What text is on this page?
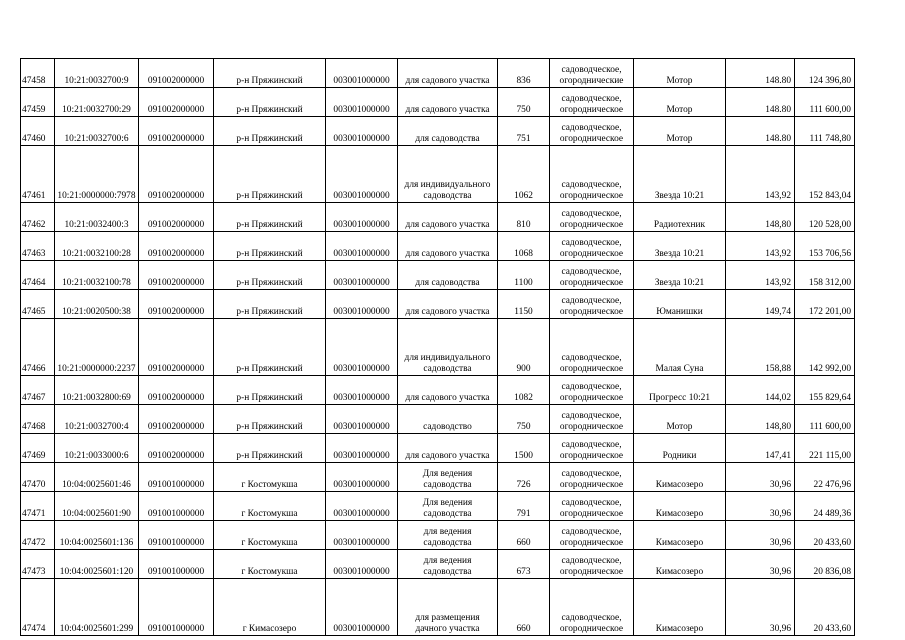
47458	10:21:0032700:9	091002000000	р-н Пряжинский	003001000000	для садового участка	836	садоводческое, огороднические	Мотор	148.80	124 396,80
47459	10:21:0032700:29	091002000000	р-н Пряжинский	003001000000	для садового участка	750	садоводческое, огородническое	Мотор	148.80	111 600,00
47460	10:21:0032700:6	091002000000	р-н Пряжинский	003001000000	для садоводства	751	садоводческое, огородническое	Мотор	148.80	111 748,80
47461	10:21:0000000:7978	091002000000	р-н Пряжинский	003001000000	для индивидуального садоводства	1062	садоводческое, огородническое	Звезда 10:21	143,92	152 843,04
47462	10:21:0032400:3	091002000000	р-н Пряжинский	003001000000	для садового участка	810	садоводческое, огородническое	Радиотехник	148,80	120 528,00
47463	10:21:0032100:28	091002000000	р-н Пряжинский	003001000000	для садового участка	1068	садоводческое, огородническое	Звезда 10:21	143,92	153 706,56
47464	10:21:0032100:78	091002000000	р-н Пряжинский	003001000000	для садоводства	1100	садоводческое, огородническое	Звезда 10:21	143,92	158 312,00
47465	10:21:0020500:38	091002000000	р-н Пряжинский	003001000000	для садового участка	1150	садоводческое, огородническое	Юманишки	149,74	172 201,00
47466	10:21:0000000:2237	091002000000	р-н Пряжинский	003001000000	для индивидуального садоводства	900	садоводческое, огородническое	Малая Суна	158,88	142 992,00
47467	10:21:0032800:69	091002000000	р-н Пряжинский	003001000000	для садового участка	1082	садоводческое, огородническое	Прогресс 10:21	144,02	155 829,64
47468	10:21:0032700:4	091002000000	р-н Пряжинский	003001000000	садоводство	750	садоводческое, огородническое	Мотор	148,80	111 600,00
47469	10:21:0033000:6	091002000000	р-н Пряжинский	003001000000	для садового участка	1500	садоводческое, огородническое	Родники	147,41	221 115,00
47470	10:04:0025601:46	091001000000	г Костомукша	003001000000	Для ведения садоводства	726	садоводческое, огородническое	Кимасозеро	30,96	22 476,96
47471	10:04:0025601:90	091001000000	г Костомукша	003001000000	Для ведения садоводства	791	садоводческое, огородническое	Кимасозеро	30,96	24 489,36
47472	10:04:0025601:136	091001000000	г Костомукша	003001000000	для ведения садоводства	660	садоводческое, огородническое	Кимасозеро	30,96	20 433,60
47473	10:04:0025601:120	091001000000	г Костомукша	003001000000	для ведения садоводства	673	садоводческое, огородническое	Кимасозеро	30,96	20 836,08
47474	10:04:0025601:299	091001000000	г Кимасозеро	003001000000	для размещения дачного участка	660	садоводческое, огородническое	Кимасозеро	30,96	20 433,60
